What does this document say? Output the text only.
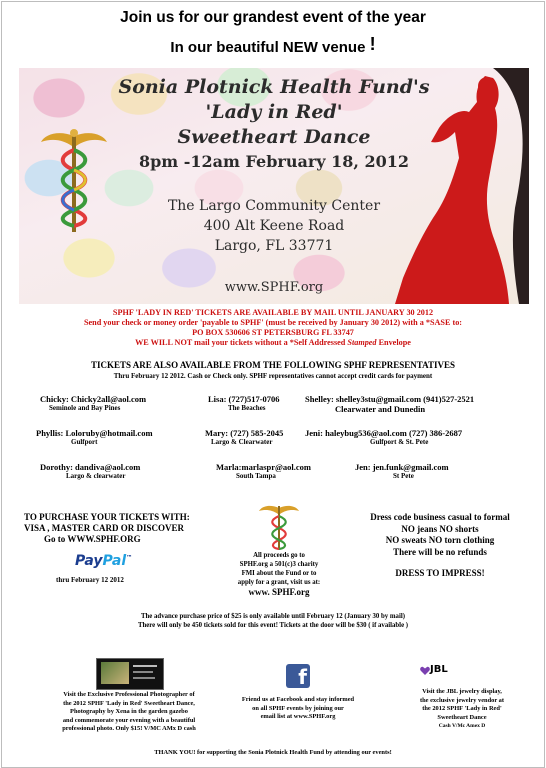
Join us for our grandest event of the year
In our beautiful NEW venue !
Sonia Plotnick Health Fund's
'Lady in Red'
Sweetheart Dance
8pm -12am February 18, 2012
The Largo Community Center
400 Alt Keene Road
Largo, FL 33771
www.SPHF.org
SPHF 'LADY IN RED' TICKETS ARE AVAILABLE BY MAIL UNTIL JANUARY 30 2012
Send your check or money order 'payable to SPHF' (must be received by January 30 2012) with a *SASE to:
PO BOX 530606 ST PETERSBURG FL 33747
WE WILL NOT mail your tickets without a *Self Addressed Stamped Envelope
TICKETS ARE ALSO AVAILABLE FROM THE FOLLOWING SPHF REPRESENTATIVES
Thru February 12 2012. Cash or Check only. SPHF representatives cannot accept credit cards for payment
Chicky: Chicky2all@aol.com
Seminole and Bay Pines
Phyllis: Loloruby@hotmail.com
Gulfport
Dorothy: dandiva@aol.com
Largo & clearwater
Lisa: (727)517-0706
The Beaches
Mary: (727) 585-2045
Largo & Clearwater
Marla:marlaspr@aol.com
South Tampa
Shelley: shelley3stu@gmail.com (941)527-2521
Clearwater and Dunedin
Jeni: haleybug536@aol.com (727) 386-2687
Gulfport & St. Pete
Jen: jen.funk@gmail.com
St Pete
TO PURCHASE YOUR TICKETS WITH:
VISA , MASTER CARD OR DISCOVER
Go to WWW.SPHF.ORG
PayPal™
thru February 12 2012
All proceeds go to
SPHF.org a 501(c)3 charity
FMI about the Fund or to
apply for a grant, visit us at:
www. SPHF.org
Dress code business casual to formal
NO jeans NO shorts
NO sweats NO torn clothing
There will be no refunds
DRESS TO IMPRESS!
The advance purchase price of $25 is only available until February 12 (January 30 by mail)
There will only be 450 tickets sold for this event! Tickets at the door will be $30 ( if available )
Visit the Exclusive Professional Photographer of
the 2012 SPHF 'Lady in Red' Sweetheart Dance,
Photography by Xena in the garden gazebo
and commemorate your evening with a beautiful
professional photo. Only $15! V/MC AMx D cash
f
Friend us at Facebook and stay informed
on all SPHF events by joining our
email list at www.SPHF.org
JBL
Visit the JBL jewelry display,
the exclusive jewelry vendor at
the 2012 SPHF 'Lady in Red'
Sweetheart Dance
Cash V/Mc Amex D
THANK YOU! for supporting the Sonia Plotnick Health Fund by attending our events!
